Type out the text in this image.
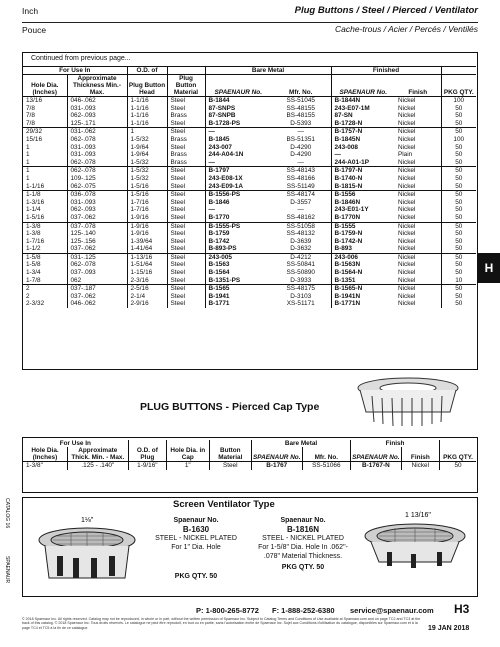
Inch	Plug Buttons / Steel / Pierced / Ventilator
Pouce	Cache-trous / Acier / Percés / Ventilés
Continued from previous page...
For Use In		O.D. of		Bare Metal		Finished		
Hole Dia. (Inches)	Approximate Thickness Min.-Max.	Plug Button Head	Plug Button Material	SPAENAUR No.	Mfr. No.	SPAENAUR No.	Finish	PKG QTY.
13/16	046-.062	1-1/16	Steel	B-1844	SS-51045	B-1844N	Nickel	100
7/8	031-.093	1-1/16	Steel	87-SNPS	SS-48155	243-E07-1M	Nickel	50
7/8	062-.093	1-1/16	Brass	87-SNPB	BS-48155	87-SN	Nickel	50
7/8	125-.171	1-1/16	Steel	B-1728-PS	D-5393	B-1728-N	Nickel	50
29/32	031-.062	1	Steel	—	—	B-1757-N	Nickel	50
15/16	062-.078	1-5/32	Brass	B-1845	BS-51351	B-1845N	Nickel	100
1	031-.093	1-9/64	Steel	243-007	D-4290	243-008	Nickel	50
1	031-.093	1-9/64	Brass	244-A04-1N	D-4290	—	Plain	50
1	062-.078	1-5/32	Brass	—	—	244-A01-1P	Nickel	50
1	062-.078	1-5/32	Steel	B-1797	SS-48143	B-1797-N	Nickel	50
1	109-.125	1-5/32	Steel	243-E08-1X	SS-48166	B-1740-N	Nickel	50
1-1/16	062-.075	1-5/16	Steel	243-E09-1A	SS-51149	B-1815-N	Nickel	50
1-1/8	036-.078	1-5/16	Steel	B-1556-PS	SS-48174	B-1556	Nickel	50
1-3/16	031-.093	1-7/16	Steel	B-1846	D-3557	B-1846N	Nickel	50
1-1/4	062-.093	1-7/16	Steel	—	—	243-E01-1Y	Nickel	50
1-5/16	037-.062	1-9/16	Steel	B-1770	SS-48162	B-1770N	Nickel	50
1-3/8	037-.078	1-9/16	Steel	B-1555-PS	SS-51058	B-1555	Nickel	50
1-3/8	125-.140	1-9/16	Steel	B-1759	SS-48132	B-1759-N	Nickel	50
1-7/16	125-.156	1-39/64	Steel	B-1742	D-3639	B-1742-N	Nickel	50
1-1/2	037-.062	1-41/64	Steel	B-893-PS	D-3632	B-893	Nickel	50
1-5/8	031-.125	1-13/16	Steel	243-005	D-4212	243-006	Nickel	50
1-5/8	062-.078	1-51/64	Steel	B-1563	SS-50841	B-1563N	Nickel	50
1-3/4	037-.093	1-15/16	Steel	B-1564	SS-50890	B-1564-N	Nickel	50
1-7/8	062	2-3/16	Steel	B-1351-PS	D-3933	B-1351	Nickel	10
2	037-.187	2-5/16	Steel	B-1565	SS-48175	B-1565-N	Nickel	50
2	037-.062	2-1/4	Steel	B-1941	D-3103	B-1941N	Nickel	50
2-3/32	046-.062	2-9/16	Steel	B-1771	XS-51171	B-1771N	Nickel	50
H
PLUG BUTTONS - Pierced Cap Type
For Use In					Bare Metal		Finish		
Hole Dia. (Inches)	Approximate Thick. Min. - Max.	O.D. of Plug	Hole Dia. in Cap	Button Material	SPAENAUR No.	Mfr. No.	SPAENAUR No.	Finish	PKG QTY.
1-3/8"	.125 - .140"	1-9/16"	1"	Steel	B-1767	SS-51066	B-1767-N	Nickel	50
Screen Ventilator Type
1⅛"	Spaenaur No.
B-1630
STEEL - NICKEL PLATED
For 1" Dia. Hole
PKG QTY. 50
Spaenaur No.
B-1816N
STEEL - NICKEL PLATED
For 1-5/8" Dia. Hole In .062"- .078" Material Thickness.
PKG QTY. 50
1 13/16"
CATALOG 16
SPAENAUR
P: 1-800-265-8772 F: 1-888-252-6380 service@spaenaur.com H3
© 2018 Spaenaur Inc. All rights reserved. Catalog may not be reproduced, in whole or in part, without the written permission of Spaenaur Inc. Subject to Catalog Terms and Conditions of Use available at Spaenaur.com and on page TC2 and TC3 at the back of this catalog. © 2018 Spaenaur Inc. Tous droits réservés. Le catalogue ne peut être reproduit, en tout ou en partie, sans l'autorisation écrite de Spaenaur Inc. Sujet aux Conditions d'utilisation du catalogue, disponibles sur Spaenaur.com et à la page TC4 et TC5 à la fin de ce catalogue.	19 JAN 2018
